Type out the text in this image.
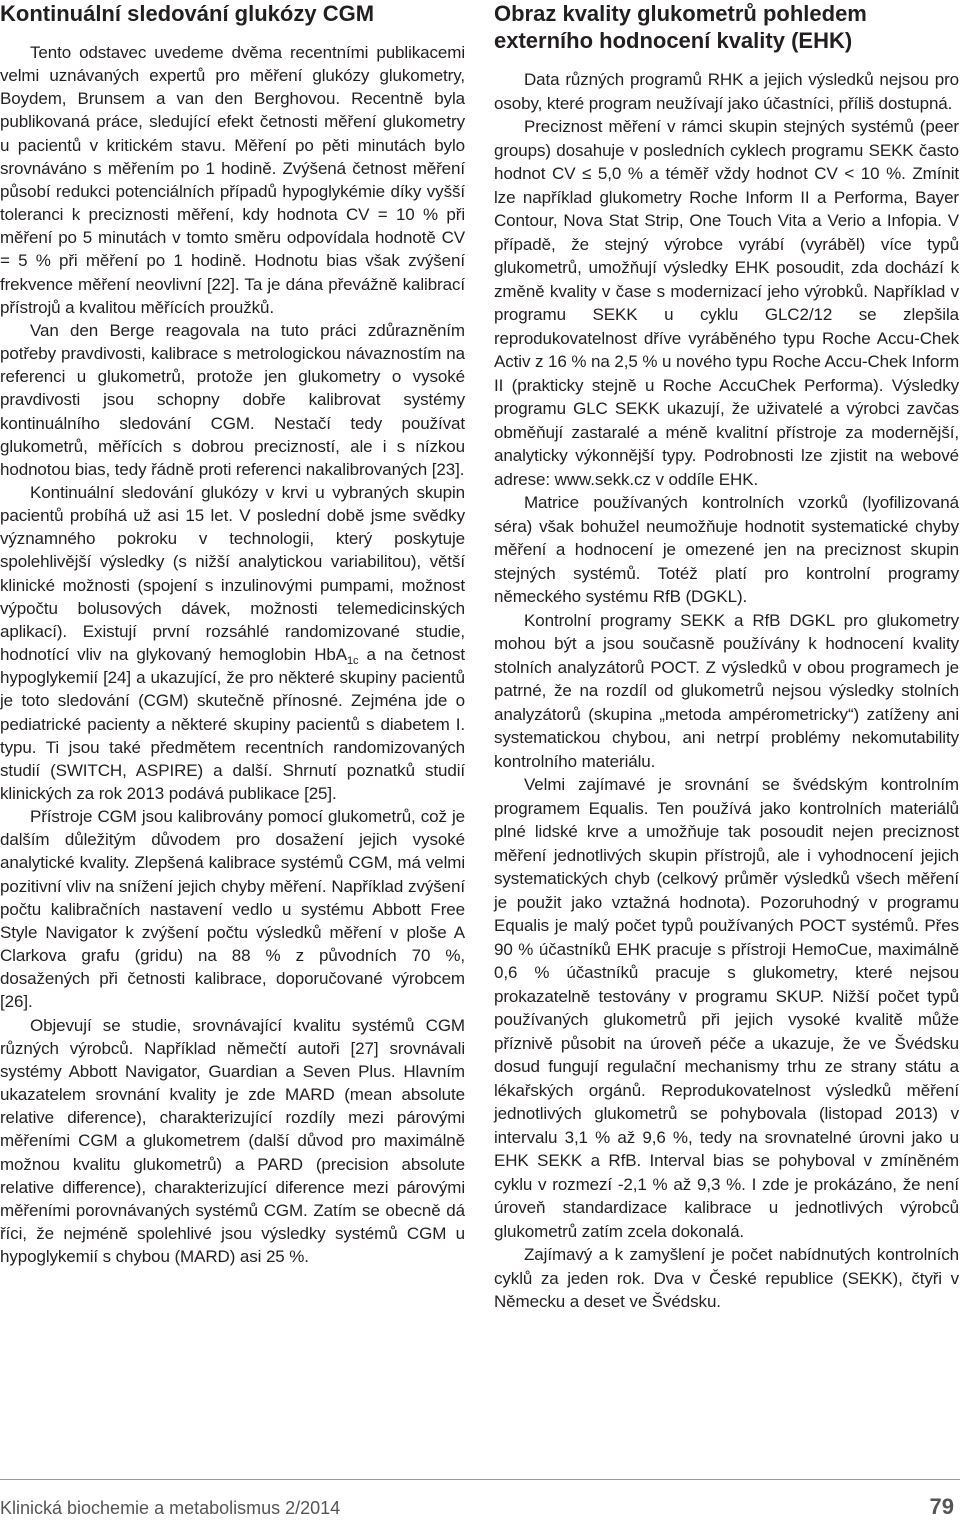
Kontinuální sledování glukózy CGM

Tento odstavec uvedeme dvěma recentními publikacemi velmi uznávaných expertů pro měření glukózy glukometry, Boydem, Brunsem a van den Berghovou. Recentně byla publikovaná práce, sledující efekt četnosti měření glukometry u pacientů v kritickém stavu. Měření po pěti minutách bylo srovnáváno s měřením po 1 hodině. Zvýšená četnost měření působí redukci potenciálních případů hypoglykémie díky vyšší toleranci k preciznosti měření, kdy hodnota CV = 10 % při měření po 5 minutách v tomto směru odpovídala hodnotě CV = 5 % při měření po 1 hodině. Hodnotu bias však zvýšení frekvence měření neovlivní [22]. Ta je dána převážně kalibrací přístrojů a kvalitou měřících proužků.

Van den Berge reagovala na tuto práci zdůrazněním potřeby pravdivosti, kalibrace s metrologickou návaznostím na referenci u glukometrů, protože jen glukometry o vysoké pravdivosti jsou schopny dobře kalibrovat systémy kontinuálního sledování CGM. Nestačí tedy používat glukometrů, měřících s dobrou precizností, ale i s nízkou hodnotou bias, tedy řádně proti referenci nakalibrovaných [23].

Kontinuální sledování glukózy v krvi u vybraných skupin pacientů probíhá už asi 15 let. V poslední době jsme svědky významného pokroku v technologii, který poskytuje spolehlivější výsledky (s nižší analytickou variabilitou), větší klinické možnosti (spojení s inzulinovými pumpami, možnost výpočtu bolusových dávek, možnosti telemedicinských aplikací). Existují první rozsáhlé randomizované studie, hodnotící vliv na glykovaný hemoglobin HbA$_{1c}$ a na četnost hypoglykemií [24] a ukazující, že pro některé skupiny pacientů je toto sledování (CGM) skutečně přínosné. Zejména jde o pediatrické pacienty a některé skupiny pacientů s diabetem I. typu. Ti jsou také předmětem recentních randomizovaných studií (SWITCH, ASPIRE) a další. Shrnutí poznatků studií klinických za rok 2013 podává publikace [25].

Přístroje CGM jsou kalibrovány pomocí glukometrů, což je dalším důležitým důvodem pro dosažení jejich vysoké analytické kvality. Zlepšená kalibrace systémů CGM, má velmi pozitivní vliv na snížení jejich chyby měření. Například zvýšení počtu kalibračních nastavení vedlo u systému Abbott Free Style Navigator k zvýšení počtu výsledků měření v ploše A Clarkova grafu (gridu) na 88 % z původních 70 %, dosažených při četnosti kalibrace, doporučované výrobcem [26].

Objevují se studie, srovnávající kvalitu systémů CGM různých výrobců. Například němečtí autoři [27] srovnávali systémy Abbott Navigator, Guardian a Seven Plus. Hlavním ukazatelem srovnání kvality je zde MARD (mean absolute relative diference), charakterizující rozdíly mezi párovými měřeními CGM a glukometrem (další důvod pro maximálně možnou kvalitu glukometrů) a PARD (precision absolute relative difference), charakterizující diference mezi párovými měřeními porovnávaných systémů CGM. Zatím se obecně dá říci, že nejméně spolehlivé jsou výsledky systémů CGM u hypoglykemií s chybou (MARD) asi 25 %.

Obraz kvality glukometrů pohledem externího hodnocení kvality (EHK)

Data různých programů RHK a jejich výsledků nejsou pro osoby, které program neužívají jako účastníci, příliš dostupná.

Preciznost měření v rámci skupin stejných systémů (peer groups) dosahuje v posledních cyklech programu SEKK často hodnot CV ≤ 5,0 % a téměř vždy hodnot CV < 10 %. Zmínit lze například glukometry Roche Inform II a Performa, Bayer Contour, Nova Stat Strip, One Touch Vita a Verio a Infopia. V případě, že stejný výrobce vyrábí (vyráběl) více typů glukometrů, umožňují výsledky EHK posoudit, zda dochází k změně kvality v čase s modernizací jeho výrobků. Například v programu SEKK u cyklu GLC2/12 se zlepšila reprodukovatelnost dříve vyráběného typu Roche Accu-Chek Activ z 16 % na 2,5 % u nového typu Roche Accu-Chek Inform II (prakticky stejně u Roche AccuChek Performa). Výsledky programu GLC SEKK ukazují, že uživatelé a výrobci zavčas obměňují zastaralé a méně kvalitní přístroje za modernější, analyticky výkonnější typy. Podrobnosti lze zjistit na webové adrese: www.sekk.cz v oddíle EHK.

Matrice používaných kontrolních vzorků (lyofilizovaná séra) však bohužel neumožňuje hodnotit systematické chyby měření a hodnocení je omezené jen na preciznost skupin stejných systémů. Totéž platí pro kontrolní programy německého systému RfB (DGKL).

Kontrolní programy SEKK a RfB DGKL pro glukometry mohou být a jsou současně používány k hodnocení kvality stolních analyzátorů POCT. Z výsledků v obou programech je patrné, že na rozdíl od glukometrů nejsou výsledky stolních analyzátorů (skupina „metoda ampérometricky“) zatíženy ani systematickou chybou, ani netrpí problémy nekomutability kontrolního materiálu.

Velmi zajímavé je srovnání se švédským kontrolním programem Equalis. Ten používá jako kontrolních materiálů plné lidské krve a umožňuje tak posoudit nejen preciznost měření jednotlivých skupin přístrojů, ale i vyhodnocení jejich systematických chyb (celkový průměr výsledků všech měření je použit jako vztažná hodnota). Pozoruhodný v programu Equalis je malý počet typů používaných POCT systémů. Přes 90 % účastníků EHK pracuje s přístroji HemoCue, maximálně 0,6 % účastníků pracuje s glukometry, které nejsou prokazatelně testovány v programu SKUP. Nižší počet typů používaných glukometrů při jejich vysoké kvalitě může příznivě působit na úroveň péče a ukazuje, že ve Švédsku dosud fungují regulační mechanismy trhu ze strany státu a lékařských orgánů. Reprodukovatelnost výsledků měření jednotlivých glukometrů se pohybovala (listopad 2013) v intervalu 3,1 % až 9,6 %, tedy na srovnatelné úrovni jako u EHK SEKK a RfB. Interval bias se pohyboval v zmíněném cyklu v rozmezí -2,1 % až 9,3 %. I zde je prokázáno, že není úroveň standardizace kalibrace u jednotlivých výrobců glukometrů zatím zcela dokonalá.

Zajímavý a k zamyšlení je počet nabídnutých kontrolních cyklů za jeden rok. Dva v České republice (SEKK), čtyři v Německu a deset ve Švédsku.

Klinická biochemie a metabolismus 2/2014	79
